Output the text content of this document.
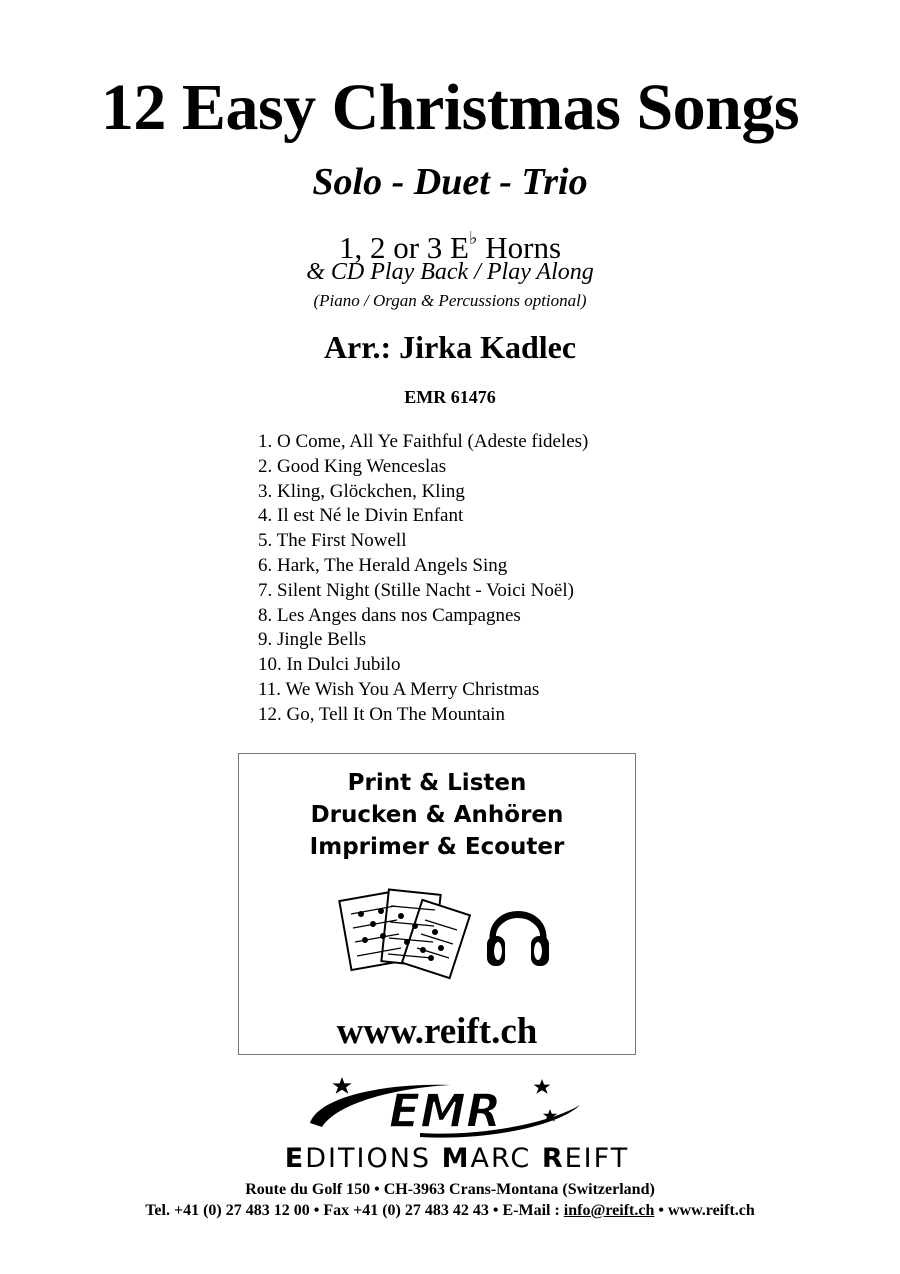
12 Easy Christmas Songs
Solo - Duet - Trio
1, 2 or 3 E♭ Horns
& CD Play Back / Play Along
(Piano / Organ & Percussions optional)
Arr.: Jirka Kadlec
EMR 61476
1. O Come, All Ye Faithful (Adeste fideles)
2. Good King Wenceslas
3. Kling, Glöckchen, Kling
4. Il est Né le Divin Enfant
5. The First Nowell
6. Hark, The Herald Angels Sing
7. Silent Night (Stille Nacht - Voici Noël)
8. Les Anges dans nos Campagnes
9. Jingle Bells
10. In Dulci Jubilo
11. We Wish You A Merry Christmas
12. Go, Tell It On The Mountain
Print & Listen
Drucken & Anhören
Imprimer & Ecouter
www.reift.ch
EMR
EDITIONS MARC REIFT
Route du Golf 150 • CH-3963 Crans-Montana (Switzerland)
Tel. +41 (0) 27 483 12 00 • Fax +41 (0) 27 483 42 43 • E-Mail : info@reift.ch • www.reift.ch
